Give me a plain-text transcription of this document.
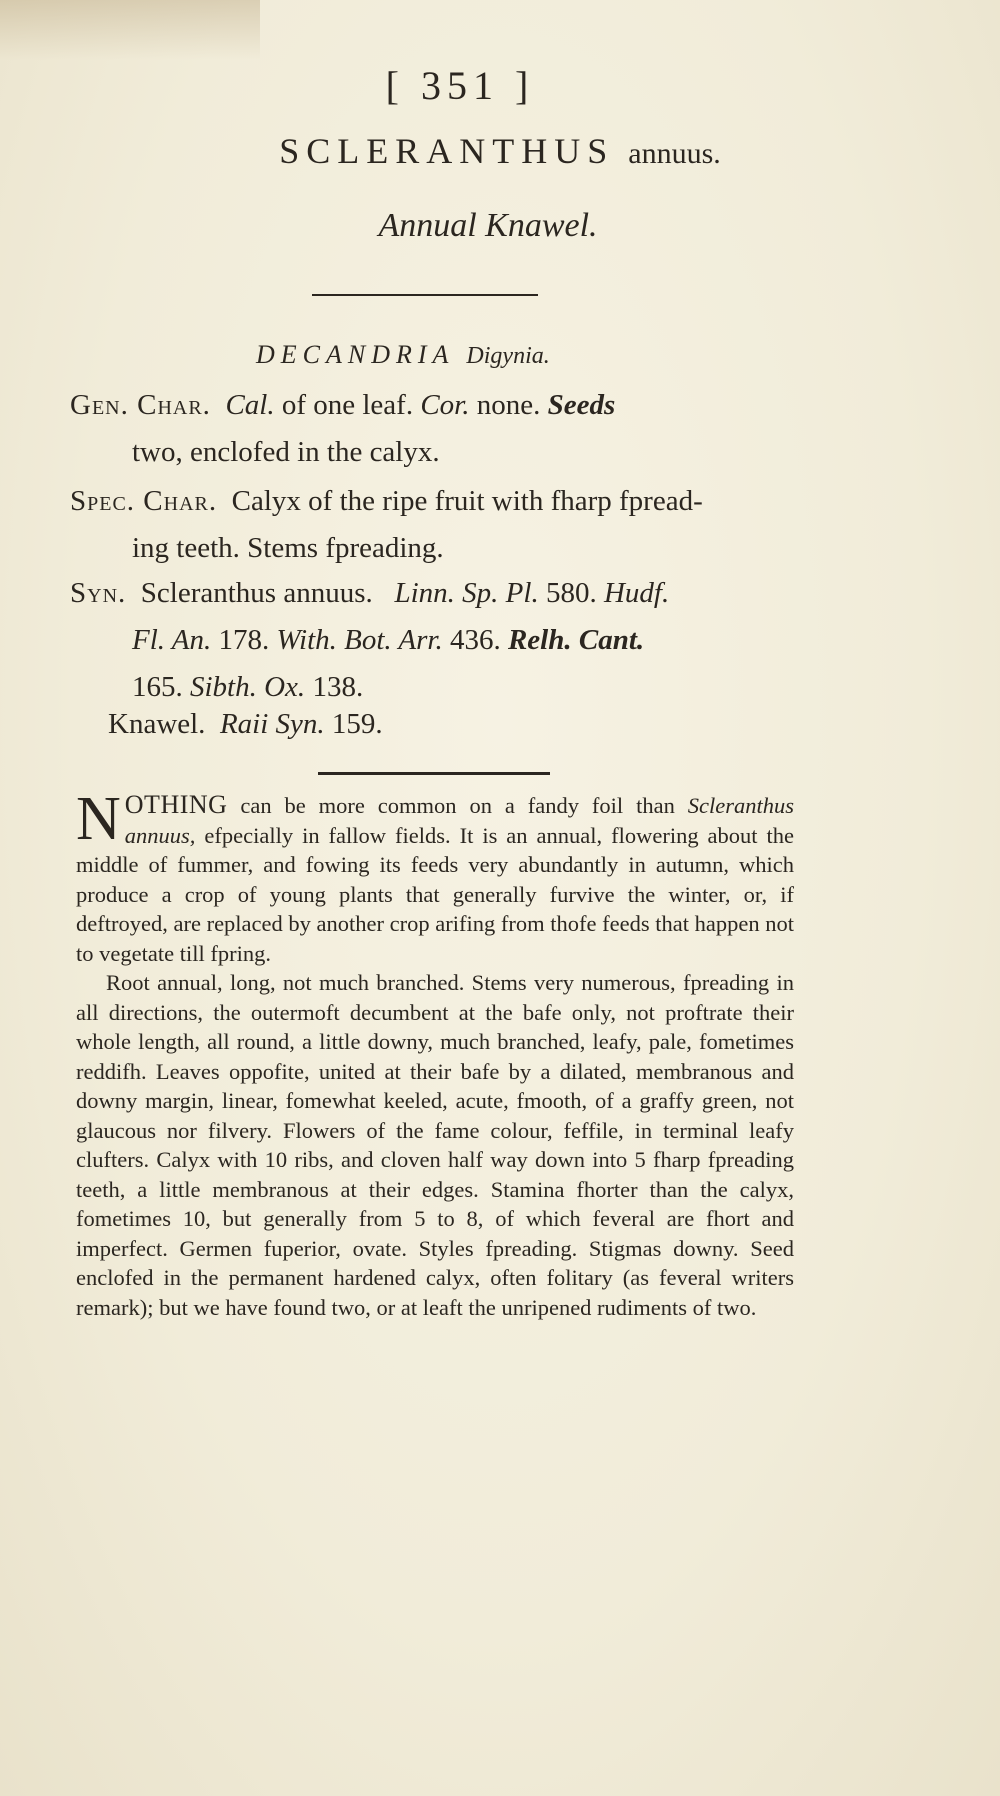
[ 351 ]
SCLERANTHUS annuus.
Annual Knawel.
DECANDRIA Digynia.
Gen. Char. Cal. of one leaf. Cor. none. Seeds
two, enclofed in the calyx.
Spec. Char. Calyx of the ripe fruit with fharp fpread-
ing teeth. Stems fpreading.
Syn. Scleranthus annuus. Linn. Sp. Pl. 580. Hudf.
Fl. An. 178. With. Bot. Arr. 436. Relh. Cant.
165. Sibth. Ox. 138.
Knawel. Raii Syn. 159.

NOTHING can be more common on a fandy foil than Scleranthus annuus, efpecially in fallow fields. It is an annual, flowering about the middle of fummer, and fowing its feeds very abundantly in autumn, which produce a crop of young plants that generally furvive the winter, or, if deftroyed, are replaced by another crop arifing from thofe feeds that happen not to vegetate till fpring.

Root annual, long, not much branched. Stems very numerous, fpreading in all directions, the outermoft decumbent at the bafe only, not proftrate their whole length, all round, a little downy, much branched, leafy, pale, fometimes reddifh. Leaves oppofite, united at their bafe by a dilated, membranous and downy margin, linear, fomewhat keeled, acute, fmooth, of a graffy green, not glaucous nor filvery. Flowers of the fame colour, feffile, in terminal leafy clufters. Calyx with 10 ribs, and cloven half way down into 5 fharp fpreading teeth, a little membranous at their edges. Stamina fhorter than the calyx, fometimes 10, but generally from 5 to 8, of which feveral are fhort and imperfect. Germen fuperior, ovate. Styles fpreading. Stigmas downy. Seed enclofed in the permanent hardened calyx, often folitary (as feveral writers remark); but we have found two, or at leaft the unripened rudiments of two.
